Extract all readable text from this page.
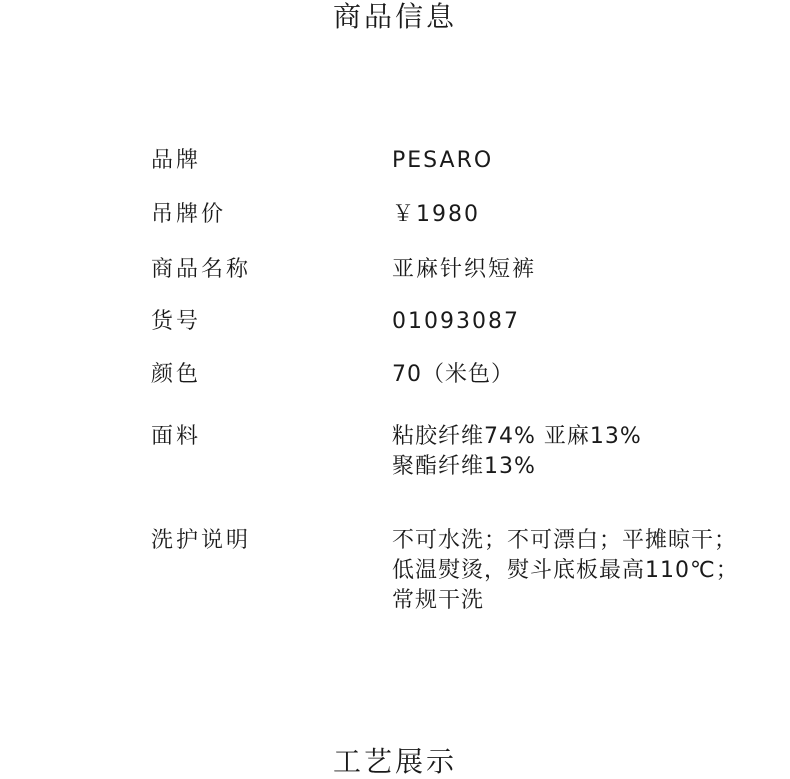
商品信息
品牌	PESARO
吊牌价	￥1980
商品名称	亚麻针织短裤
货号	01093087
颜色	70（米色）
面料	粘胶纤维74% 亚麻13%
聚酯纤维13%
洗护说明	不可水洗；不可漂白；平摊晾干；
低温熨烫，熨斗底板最高110℃；
常规干洗
工艺展示
